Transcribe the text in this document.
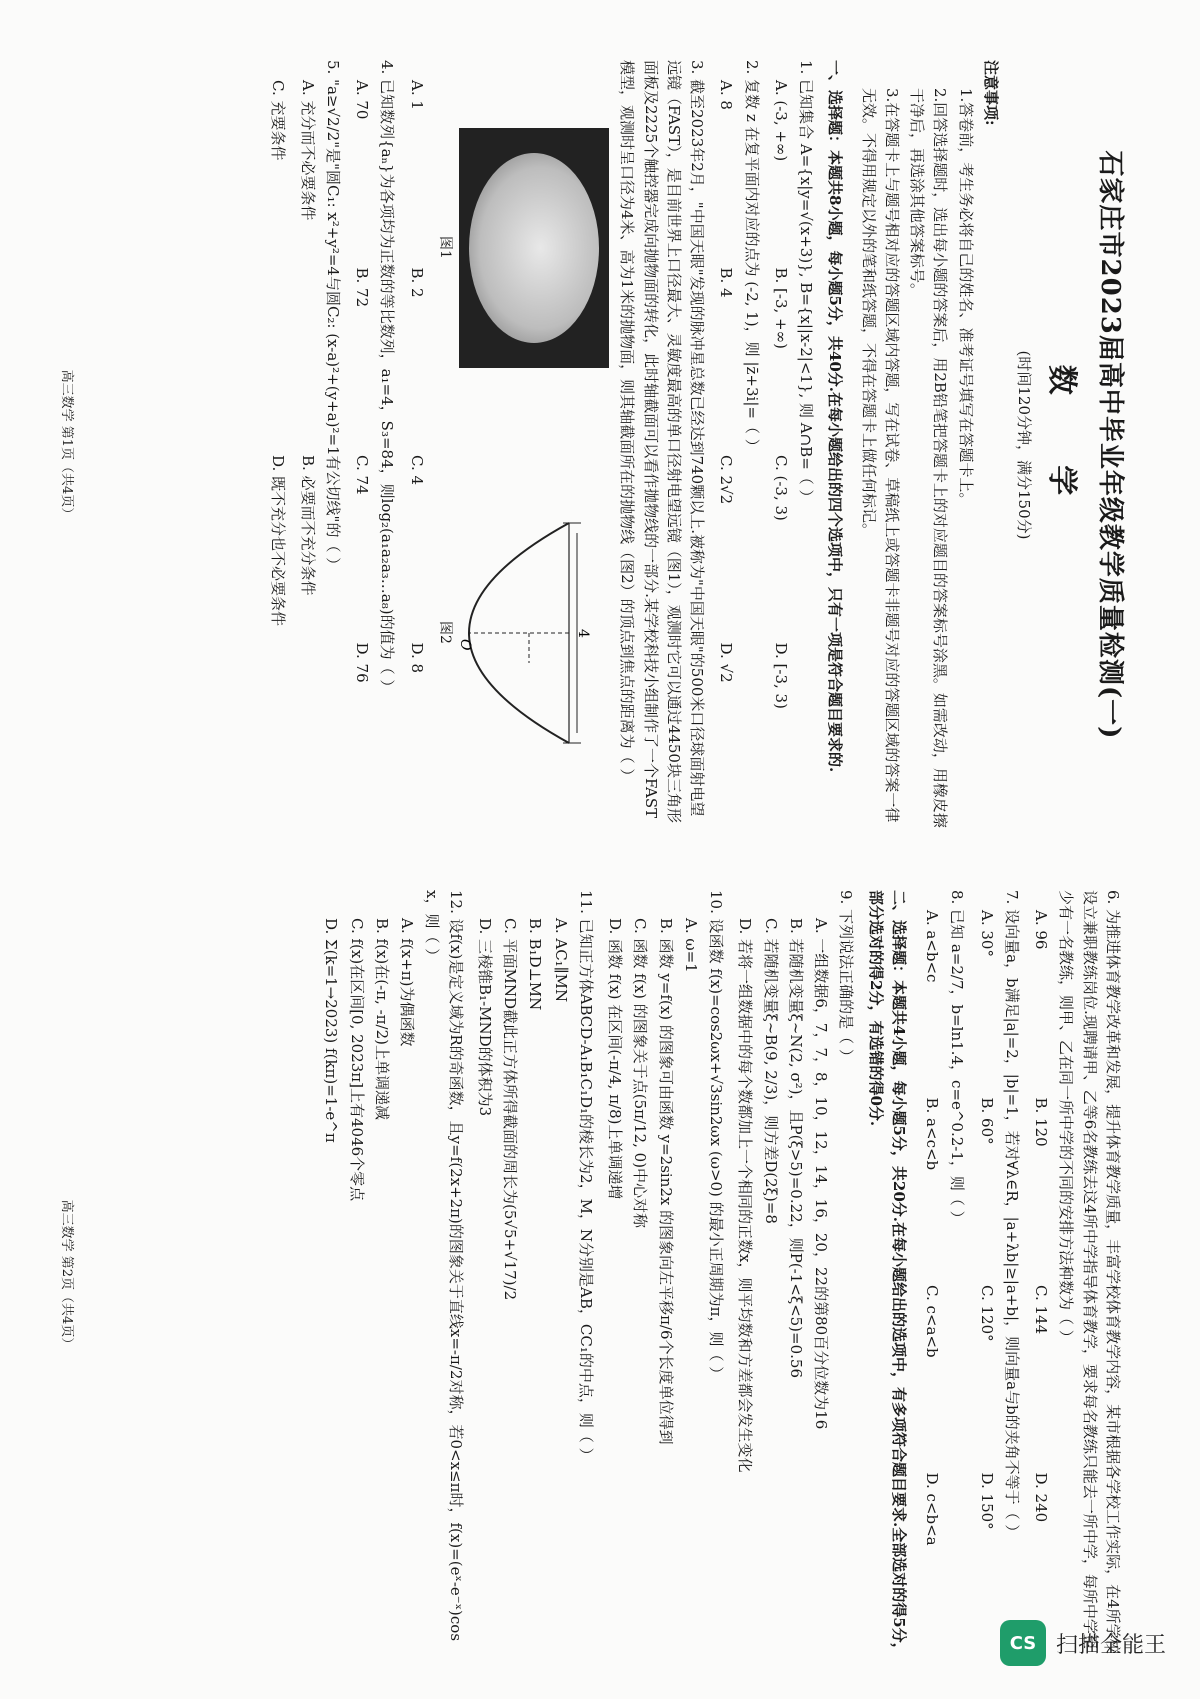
石家庄市2023届高中毕业年级教学质量检测(一)
数 学
(时间120分钟，满分150分)
注意事项:
1.答卷前，考生务必将自己的姓名、准考证号填写在答题卡上。
2.回答选择题时，选出每小题的答案后，用2B铅笔把答题卡上的对应题目的答案标号涂黑。如需改动，用橡皮擦干净后，再选涂其他答案标号。
3.在答题卡上与题号相对应的答题区域内答题，写在试卷、草稿纸上或答题卡非题号对应的答题区域的答案一律无效。不得用规定以外的笔和纸答题，不得在答题卡上做任何标记。
一、选择题：本题共8小题，每小题5分，共40分.在每小题给出的四个选项中，只有一项是符合题目要求的.
1. 已知集合 A={x|y=√(x+3)}, B={x||x-2|<1}, 则 A∩B=（ ）
A. (-3, +∞)
B. [-3, +∞)
C. (-3, 3)
D. [-3, 3)
2. 复数 z 在复平面内对应的点为 (-2, 1)，则 |z̄+3i|=（ ）
A. 8
B. 4
C. 2√2
D. √2
3. 截至2023年2月，"中国天眼"发现的脉冲星总数已经达到740颗以上.被称为"中国天眼"的500米口径球面射电望远镜（FAST），是目前世界上口径最大、灵敏度最高的单口径射电望远镜（图1），观测时它可以通过4450块三角形面板及2225个触控器完成向抛物面的转化，此时轴截面可以看作拋物线的一部分.某学校科技小组制作了一个FAST模型，观测时呈口径为4米、高为1米的抛物面，则其轴截面所在的抛物线（图2）的顶点到焦点的距离为（ ）
图1
4
O
图2
A. 1
B. 2
C. 4
D. 8
4. 已知数列{aₙ}为各项均为正数的等比数列，a₁=4，S₃=84，则log₂(a₁a₂a₃…a₈)的值为（ ）
A. 70
B. 72
C. 74
D. 76
5. "a≥√2/2"是"圆C₁: x²+y²=4与圆C₂: (x-a)²+(y+a)²=1有公切线"的（ ）
A. 充分而不必要条件
B. 必要而不充分条件
C. 充要条件
D. 既不充分也不必要条件
高三数学 第1页（共4页）
6. 为推进体育教学改革和发展，提升体育教学质量，丰富学校体育教学内容，某市根据各学校工作实际，在4所学校设立兼职教练岗位.现聘请甲、乙等6名教练去这4所中学指导体育教学，要求每名教练只能去一所中学，每所中学至少有一名教练，则甲、乙在同一所中学的不同的安排方法种数为（ ）
A. 96
B. 120
C. 144
D. 240
7. 设向量a，b满足|a|=2，|b|=1，若对∀λ∈R，|a+λb|≥|a+b|，则向量a与b的夹角不等于（ ）
A. 30°
B. 60°
C. 120°
D. 150°
8. 已知 a=2/7，b=ln1.4，c=e^0.2-1，则（ ）
A. a<b<c
B. a<c<b
C. c<a<b
D. c<b<a
二、选择题：本题共4小题，每小题5分，共20分.在每小题给出的选项中，有多项符合题目要求.全部选对的得5分，部分选对的得2分，有选错的得0分.
9. 下列说法正确的是（ ）
A. 一组数据6，7，7，8，10，12，14，16，20，22的第80百分位数为16
B. 若随机变量ξ~N(2, σ²)，且P(ξ>5)=0.22，则P(-1<ξ<5)=0.56
C. 若随机变量ξ~B(9, 2/3)，则方差D(2ξ)=8
D. 若将一组数据中的每个数都加上一个相同的正数x，则平均数和方差都会发生变化
10. 设函数 f(x)=cos2ωx+√3sin2ωx (ω>0) 的最小正周期为π，则（ ）
A. ω=1
B. 函数 y=f(x) 的图象可由函数 y=2sin2x 的图象向左平移π/6个长度单位得到
C. 函数 f(x) 的图象关于点(5π/12, 0)中心对称
D. 函数 f(x) 在区间(-π/4, π/8)上单调递增
11. 已知正方体ABCD-A₁B₁C₁D₁的棱长为2，M，N分别是AB，CC₁的中点，则（ ）
A. AC₁∥MN
B. B₁D⊥MN
C. 平面MND截此正方体所得截面的周长为(5√5+√17)/2
D. 三棱锥B₁-MND的体积为3
12. 设f(x)是定义域为R的奇函数，且y=f(2x+2π)的图象关于直线x=-π/2对称，若0<x≤π时，f(x)=(eˣ-e⁻ˣ)cos x，则（ ）
A. f(x+π)为偶函数
B. f(x)在(-π, -π/2)上单调递减
C. f(x)在区间[0, 2023π]上有4046个零点
D. Σ(k=1→2023) f(kπ)=1-e^π
高三数学 第2页（共4页）
CS 扫描全能王
